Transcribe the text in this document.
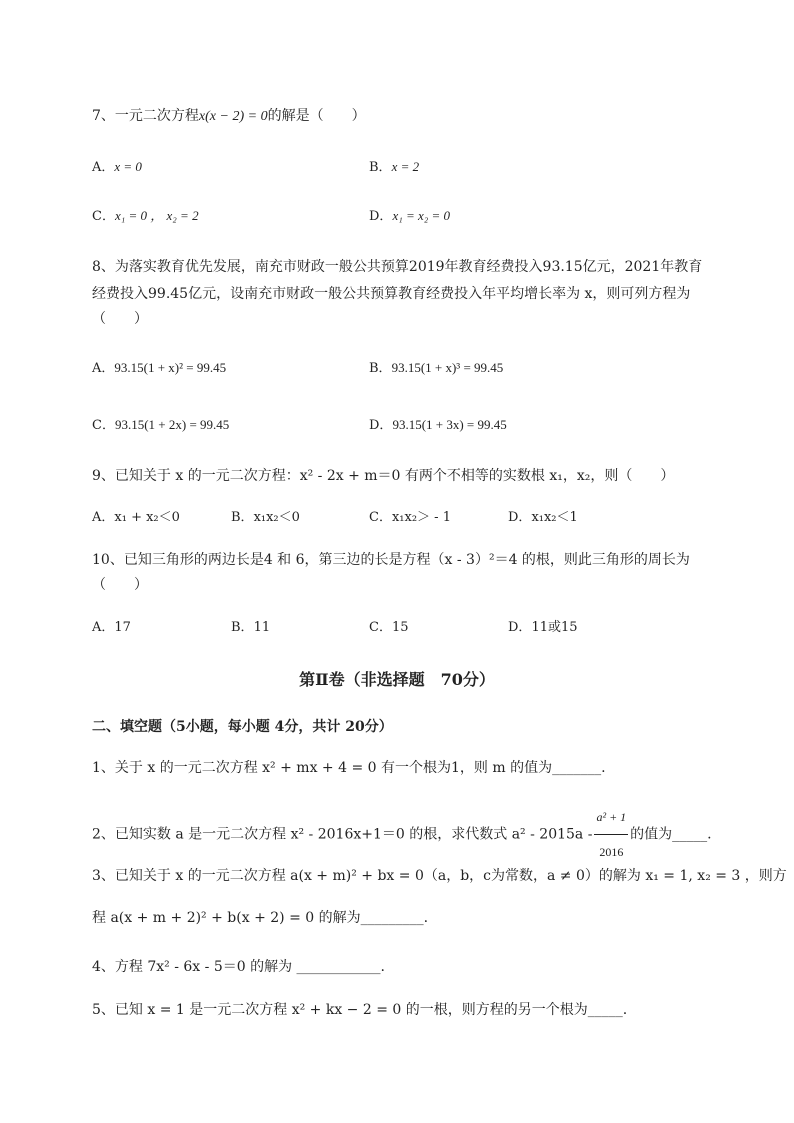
7、一元二次方程x(x − 2) = 0的解是（　　）
A．x = 0	B．x = 2
C．x₁ = 0 ， x₂ = 2	D．x₁ = x₂ = 0
8、为落实教育优先发展，南充市财政一般公共预算2019年教育经费投入93.15亿元，2021年教育
经费投入99.45亿元，设南充市财政一般公共预算教育经费投入年平均增长率为 x，则可列方程为
（　　）
A．93.15(1 + x)² = 99.45	B．93.15(1 + x)³ = 99.45
C．93.15(1 + 2x) = 99.45	D．93.15(1 + 3x) = 99.45
9、已知关于 x 的一元二次方程：x² - 2x + m＝0 有两个不相等的实数根 x₁，x₂，则（　　）
A．x₁ + x₂＜0	B．x₁x₂＜0	C．x₁x₂＞ - 1	D．x₁x₂＜1
10、已知三角形的两边长是4 和 6，第三边的长是方程（x - 3）²＝4 的根，则此三角形的周长为
（　　）
A．17	B．11	C．15	D．11或15
第Ⅱ卷（非选择题　70分）
二、填空题（5小题，每小题 4分，共计 20分）
1、关于 x 的一元二次方程 x² + mx + 4 = 0 有一个根为1，则 m 的值为_______.
2、已知实数 a 是一元二次方程 x² - 2016x+1＝0 的根，求代数式 $a^2 - 2015a - \frac{\text{a² + 1}}{2016}$ 的值为_____.
3、已知关于 x 的一元二次方程 a(x + m)² + bx = 0（a，b，c为常数，a ≠ 0）的解为 x₁ = 1, x₂ = 3 ，则方
程 a(x + m + 2)² + b(x + 2) = 0 的解为_________.
4、方程 7x² - 6x - 5＝0 的解为 ____________.
5、已知 x = 1 是一元二次方程 x² + kx − 2 = 0 的一根，则方程的另一个根为_____.
